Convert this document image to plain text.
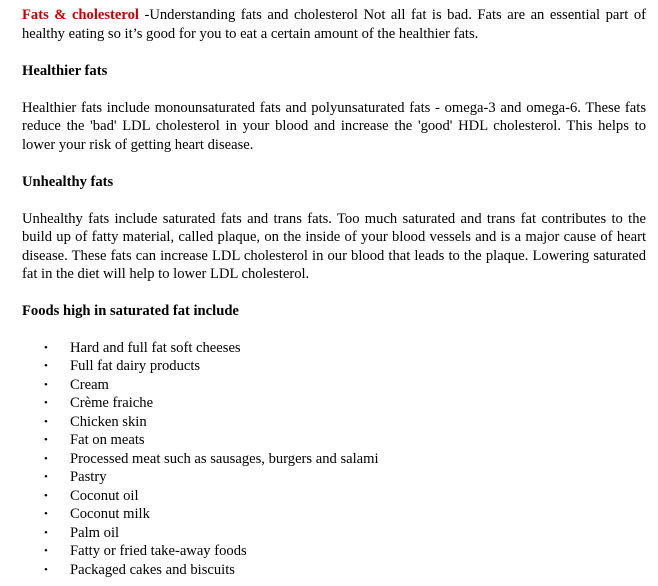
Fats & cholesterol -Understanding fats and cholesterol Not all fat is bad. Fats are an essential part of healthy eating so it’s good for you to eat a certain amount of the healthier fats.

Healthier fats

Healthier fats include monounsaturated fats and polyunsaturated fats - omega-3 and omega-6. These fats reduce the 'bad' LDL cholesterol in your blood and increase the 'good' HDL cholesterol. This helps to lower your risk of getting heart disease.

Unhealthy fats

Unhealthy fats include saturated fats and trans fats. Too much saturated and trans fat contributes to the build up of fatty material, called plaque, on the inside of your blood vessels and is a major cause of heart disease. These fats can increase LDL cholesterol in our blood that leads to the plaque. Lowering saturated fat in the diet will help to lower LDL cholesterol.

Foods high in saturated fat include

• Hard and full fat soft cheeses
• Full fat dairy products
• Cream
• Crème fraiche
• Chicken skin
• Fat on meats
• Processed meat such as sausages, burgers and salami
• Pastry
• Coconut oil
• Coconut milk
• Palm oil
• Fatty or fried take-away foods
• Packaged cakes and biscuits
